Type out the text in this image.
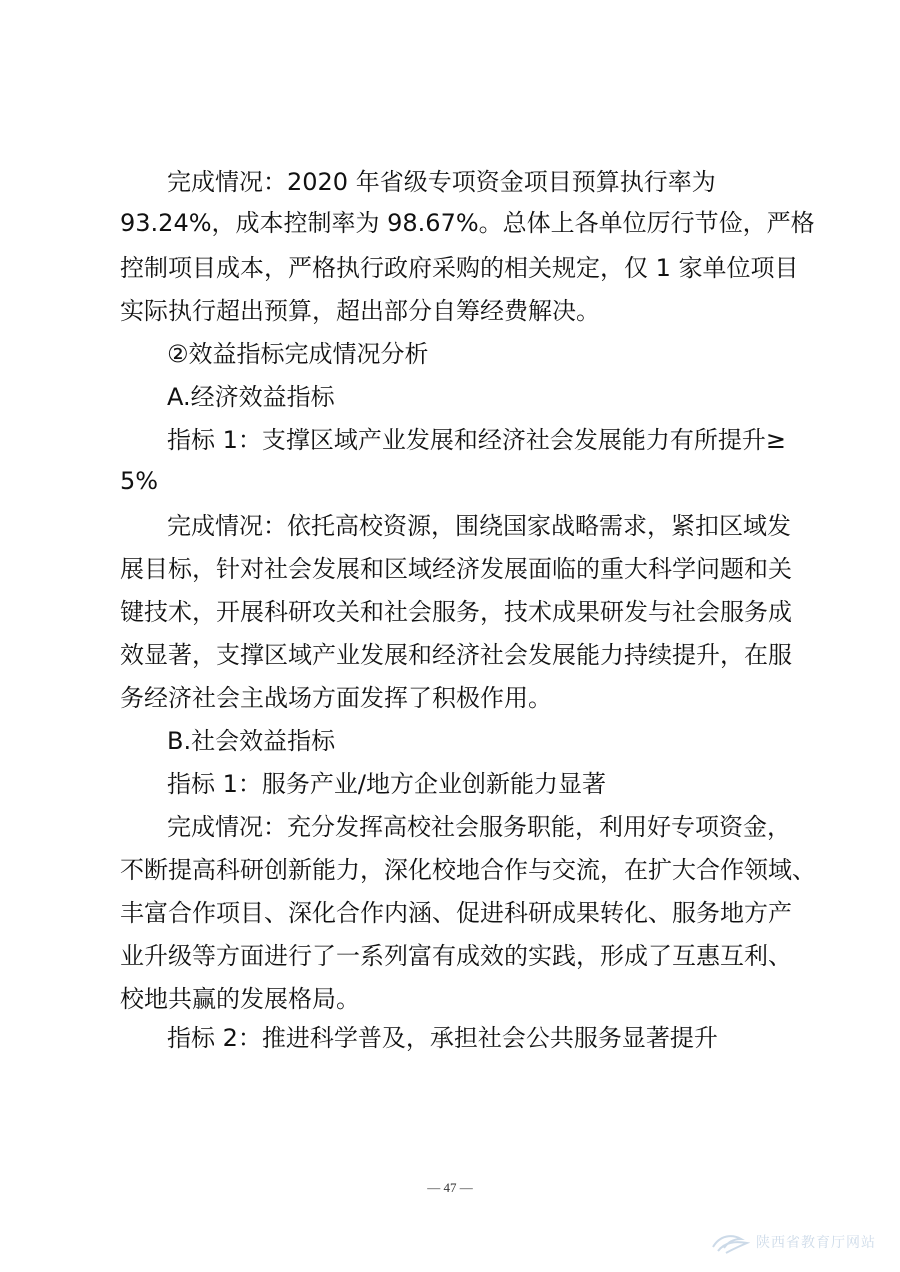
完成情况：2020 年省级专项资金项目预算执行率为
93.24%，成本控制率为 98.67%。总体上各单位厉行节俭，严格
控制项目成本，严格执行政府采购的相关规定，仅 1 家单位项目
实际执行超出预算，超出部分自筹经费解决。
②效益指标完成情况分析
A.经济效益指标
指标 1：支撑区域产业发展和经济社会发展能力有所提升≥
5%
完成情况：依托高校资源，围绕国家战略需求，紧扣区域发
展目标，针对社会发展和区域经济发展面临的重大科学问题和关
键技术，开展科研攻关和社会服务，技术成果研发与社会服务成
效显著，支撑区域产业发展和经济社会发展能力持续提升，在服
务经济社会主战场方面发挥了积极作用。
B.社会效益指标
指标 1：服务产业/地方企业创新能力显著
完成情况：充分发挥高校社会服务职能，利用好专项资金，
不断提高科研创新能力，深化校地合作与交流，在扩大合作领域、
丰富合作项目、深化合作内涵、促进科研成果转化、服务地方产
业升级等方面进行了一系列富有成效的实践，形成了互惠互利、
校地共赢的发展格局。
指标 2：推进科学普及，承担社会公共服务显著提升
— 47 —
陕西省教育厅网站
